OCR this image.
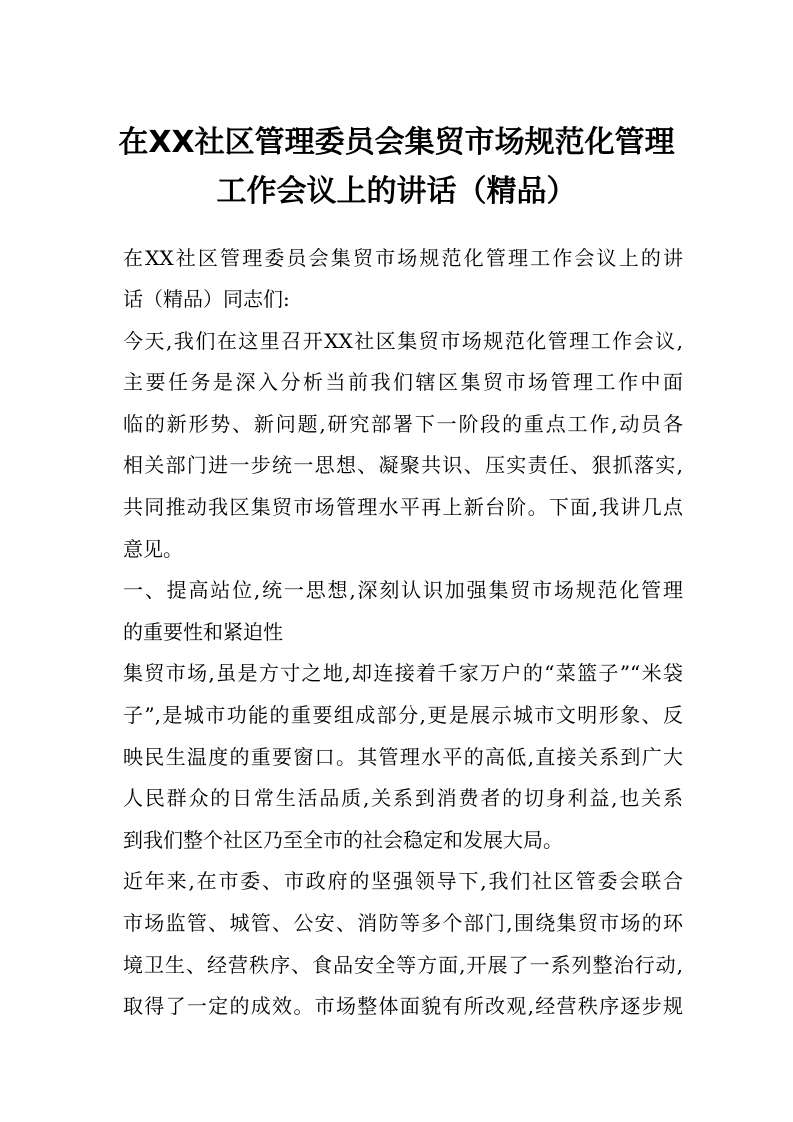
在XX社区管理委员会集贸市场规范化管理
工作会议上的讲话（精品）

在XX社区管理委员会集贸市场规范化管理工作会议上的讲

话（精品）同志们:

今天,我们在这里召开XX社区集贸市场规范化管理工作会议,

主要任务是深入分析当前我们辖区集贸市场管理工作中面

临的新形势、新问题,研究部署下一阶段的重点工作,动员各

相关部门进一步统一思想、凝聚共识、压实责任、狠抓落实,

共同推动我区集贸市场管理水平再上新台阶。下面,我讲几点

意见。

一、提高站位,统一思想,深刻认识加强集贸市场规范化管理

的重要性和紧迫性

集贸市场,虽是方寸之地,却连接着千家万户的“菜篮子”“米袋

子”,是城市功能的重要组成部分,更是展示城市文明形象、反

映民生温度的重要窗口。其管理水平的高低,直接关系到广大

人民群众的日常生活品质,关系到消费者的切身利益,也关系

到我们整个社区乃至全市的社会稳定和发展大局。

近年来,在市委、市政府的坚强领导下,我们社区管委会联合

市场监管、城管、公安、消防等多个部门,围绕集贸市场的环

境卫生、经营秩序、食品安全等方面,开展了一系列整治行动,

取得了一定的成效。市场整体面貌有所改观,经营秩序逐步规
